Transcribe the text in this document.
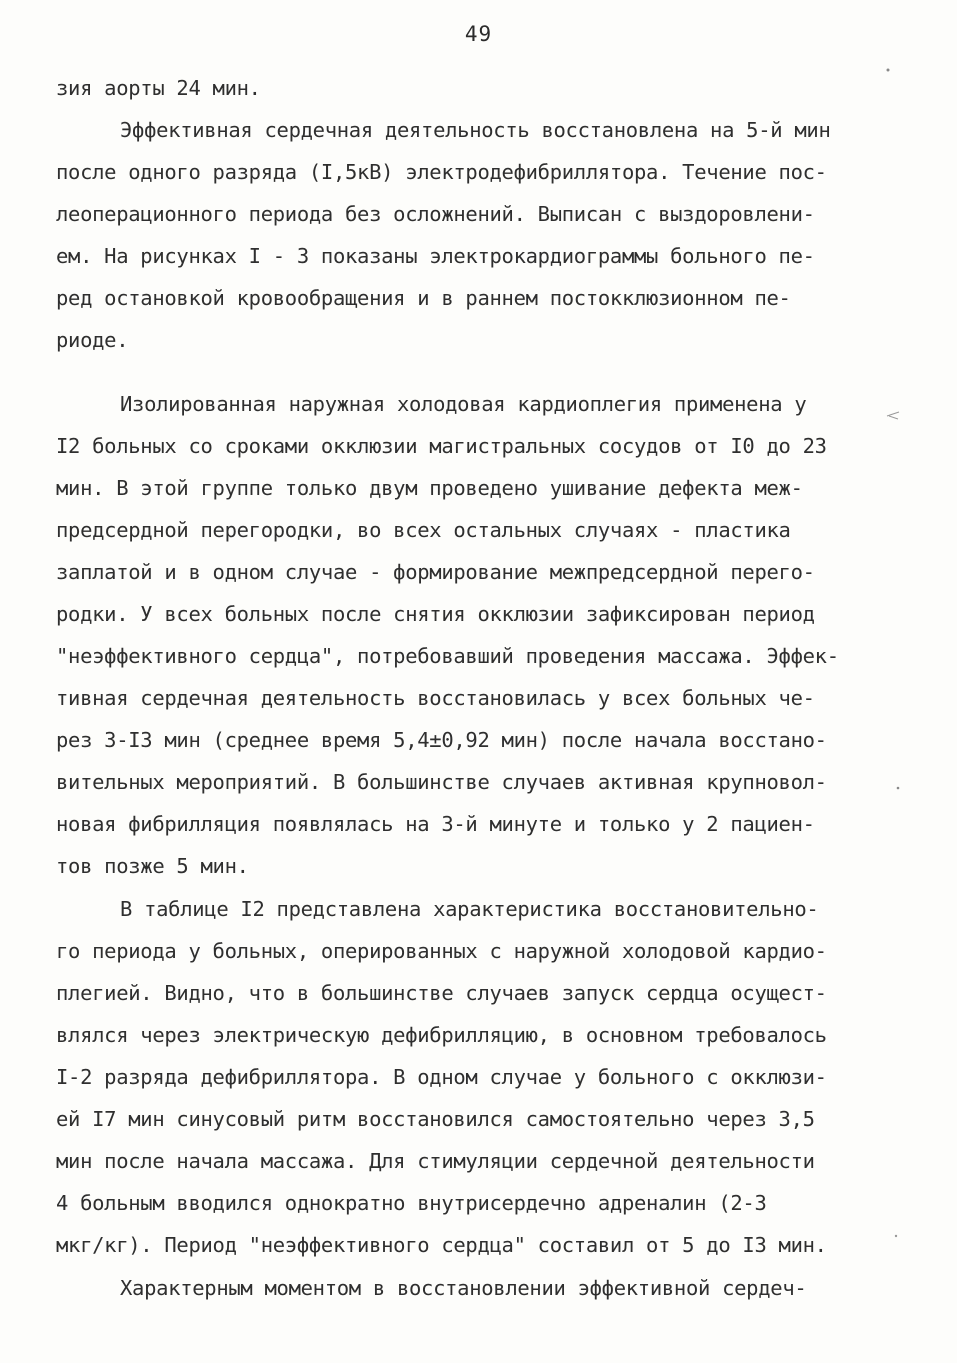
49
зия аорты 24 мин.
Эффективная сердечная деятельность восстановлена на 5-й мин
после одного разряда (I,5кВ) электродефибриллятора. Течение пос-
леоперационного периода без осложнений. Выписан с выздоровлени-
ем. На рисунках I - 3 показаны электрокардиограммы больного пе-
ред остановкой кровообращения и в раннем постокклюзионном пе-
риоде.
Изолированная наружная холодовая кардиоплегия применена у
I2 больных со сроками окклюзии магистральных сосудов от I0 до 23
мин. В этой группе только двум проведено ушивание дефекта меж-
предсердной перегородки, во всех остальных случаях - пластика
заплатой и в одном случае - формирование межпредсердной перего-
родки. У всех больных после снятия окклюзии зафиксирован период
"неэффективного сердца", потребовавший проведения массажа. Эффек-
тивная сердечная деятельность восстановилась у всех больных че-
рез 3-I3 мин (среднее время 5,4±0,92 мин) после начала восстано-
вительных мероприятий. В большинстве случаев активная крупновол-
новая фибрилляция появлялась на 3-й минуте и только у 2 пациен-
тов позже 5 мин.
В таблице I2 представлена характеристика восстановительно-
го периода у больных, оперированных с наружной холодовой кардио-
плегией. Видно, что в большинстве случаев запуск сердца осущест-
влялся через электрическую дефибрилляцию, в основном требовалось
I-2 разряда дефибриллятора. В одном случае у больного с окклюзи-
ей I7 мин синусовый ритм восстановился самостоятельно через 3,5
мин после начала массажа. Для стимуляции сердечной деятельности
4 больным вводился однократно внутрисердечно адреналин (2-3
мкг/кг). Период "неэффективного сердца" составил от 5 до I3 мин.
Характерным моментом в восстановлении эффективной сердеч-
